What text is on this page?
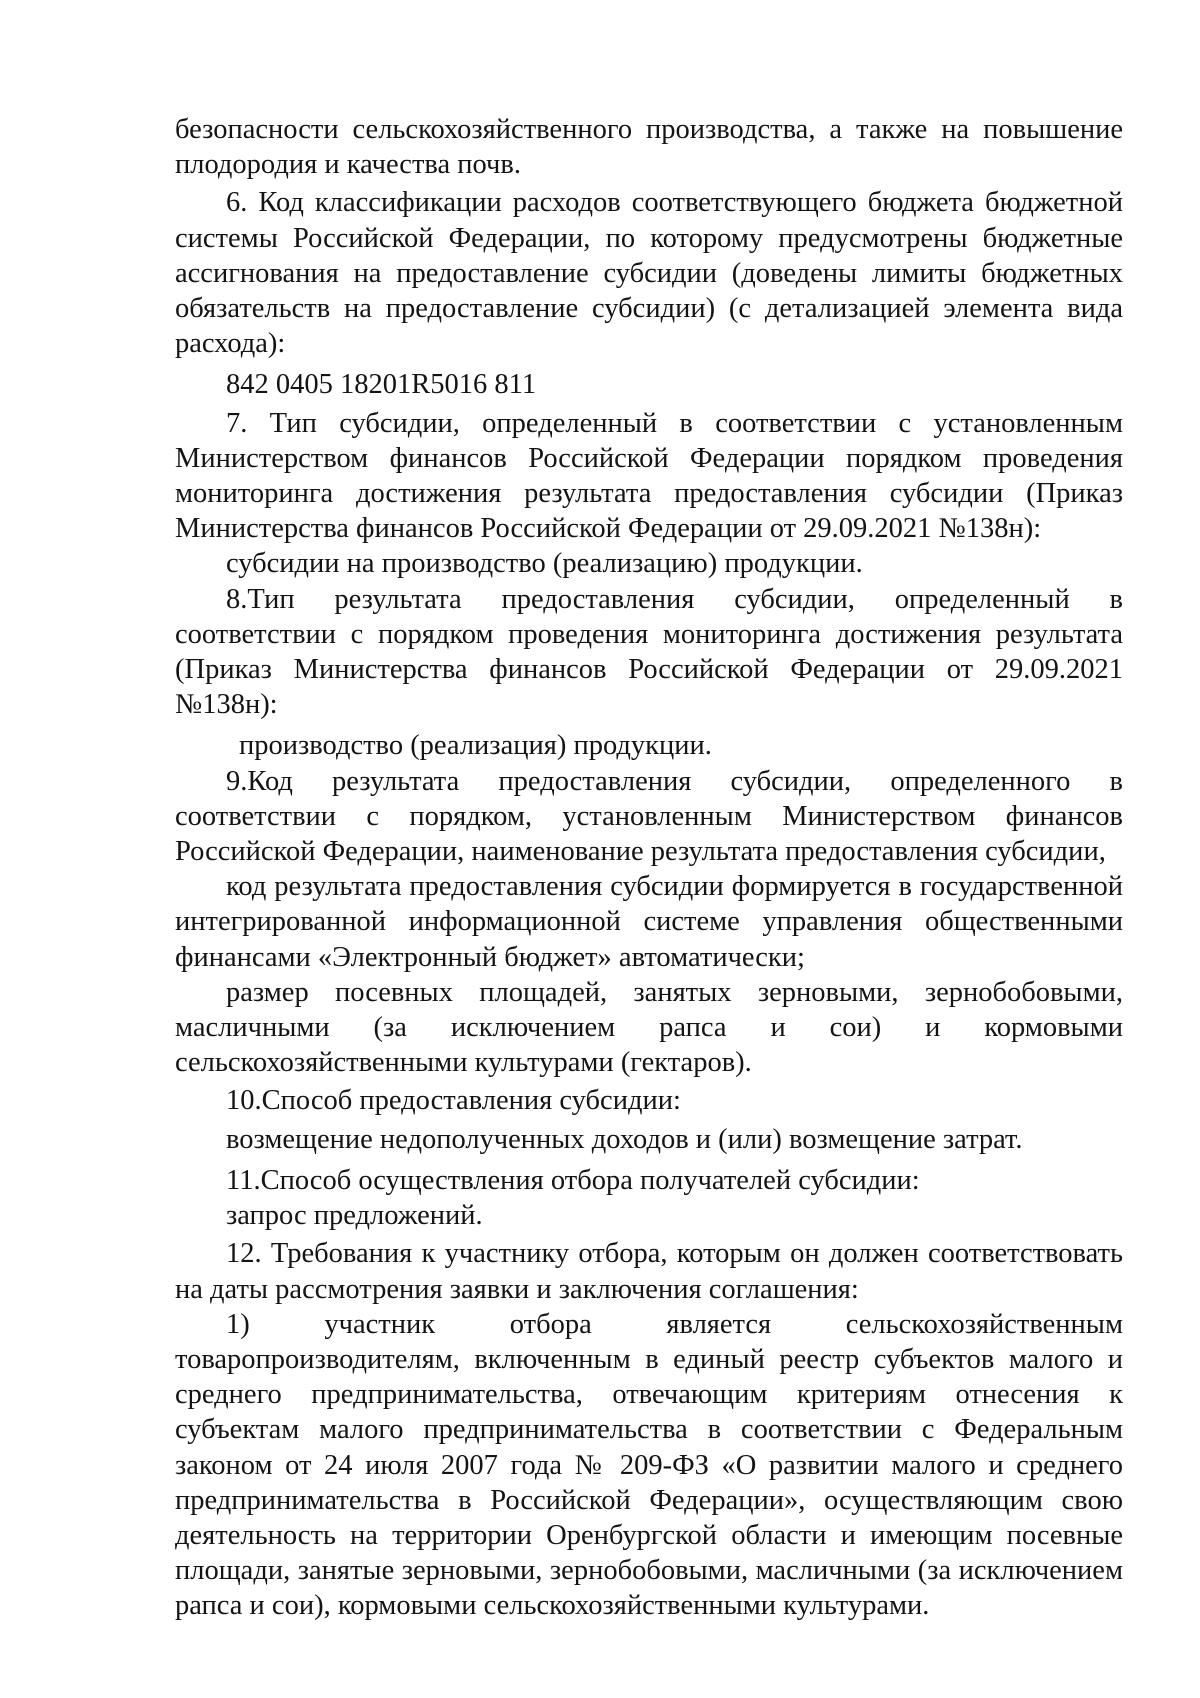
безопасности сельскохозяйственного производства, а также на повышение плодородия и качества почв.

6. Код классификации расходов соответствующего бюджета бюджетной системы Российской Федерации, по которому предусмотрены бюджетные ассигнования на предоставление субсидии (доведены лимиты бюджетных обязательств на предоставление субсидии) (с детализацией элемента вида расхода):

842 0405 18201R5016 811

7. Тип субсидии, определенный в соответствии с установленным Министерством финансов Российской Федерации порядком проведения мониторинга достижения результата предоставления субсидии (Приказ Министерства финансов Российской Федерации от 29.09.2021 №138н):

субсидии на производство (реализацию) продукции.

8.Тип результата предоставления субсидии, определенный в соответствии с порядком проведения мониторинга достижения результата (Приказ Министерства финансов Российской Федерации от 29.09.2021 №138н):

производство (реализация) продукции.

9.Код результата предоставления субсидии, определенного в соответствии с порядком, установленным Министерством финансов Российской Федерации, наименование результата предоставления субсидии,

код результата предоставления субсидии формируется в государственной интегрированной информационной системе управления общественными финансами «Электронный бюджет» автоматически;

размер посевных площадей, занятых зерновыми, зернобобовыми, масличными (за исключением рапса и сои) и кормовыми сельскохозяйственными культурами (гектаров).

10.Способ предоставления субсидии:

возмещение недополученных доходов и (или) возмещение затрат.

11.Способ осуществления отбора получателей субсидии:

запрос предложений.

12. Требования к участнику отбора, которым он должен соответствовать на даты рассмотрения заявки и заключения соглашения:

1) участник отбора является сельскохозяйственным товаропроизводителям, включенным в единый реестр субъектов малого и среднего предпринимательства, отвечающим критериям отнесения к субъектам малого предпринимательства в соответствии с Федеральным законом от 24 июля 2007 года № 209-ФЗ «О развитии малого и среднего предпринимательства в Российской Федерации», осуществляющим свою деятельность на территории Оренбургской области и имеющим посевные площади, занятые зерновыми, зернобобовыми, масличными (за исключением рапса и сои), кормовыми сельскохозяйственными культурами.
